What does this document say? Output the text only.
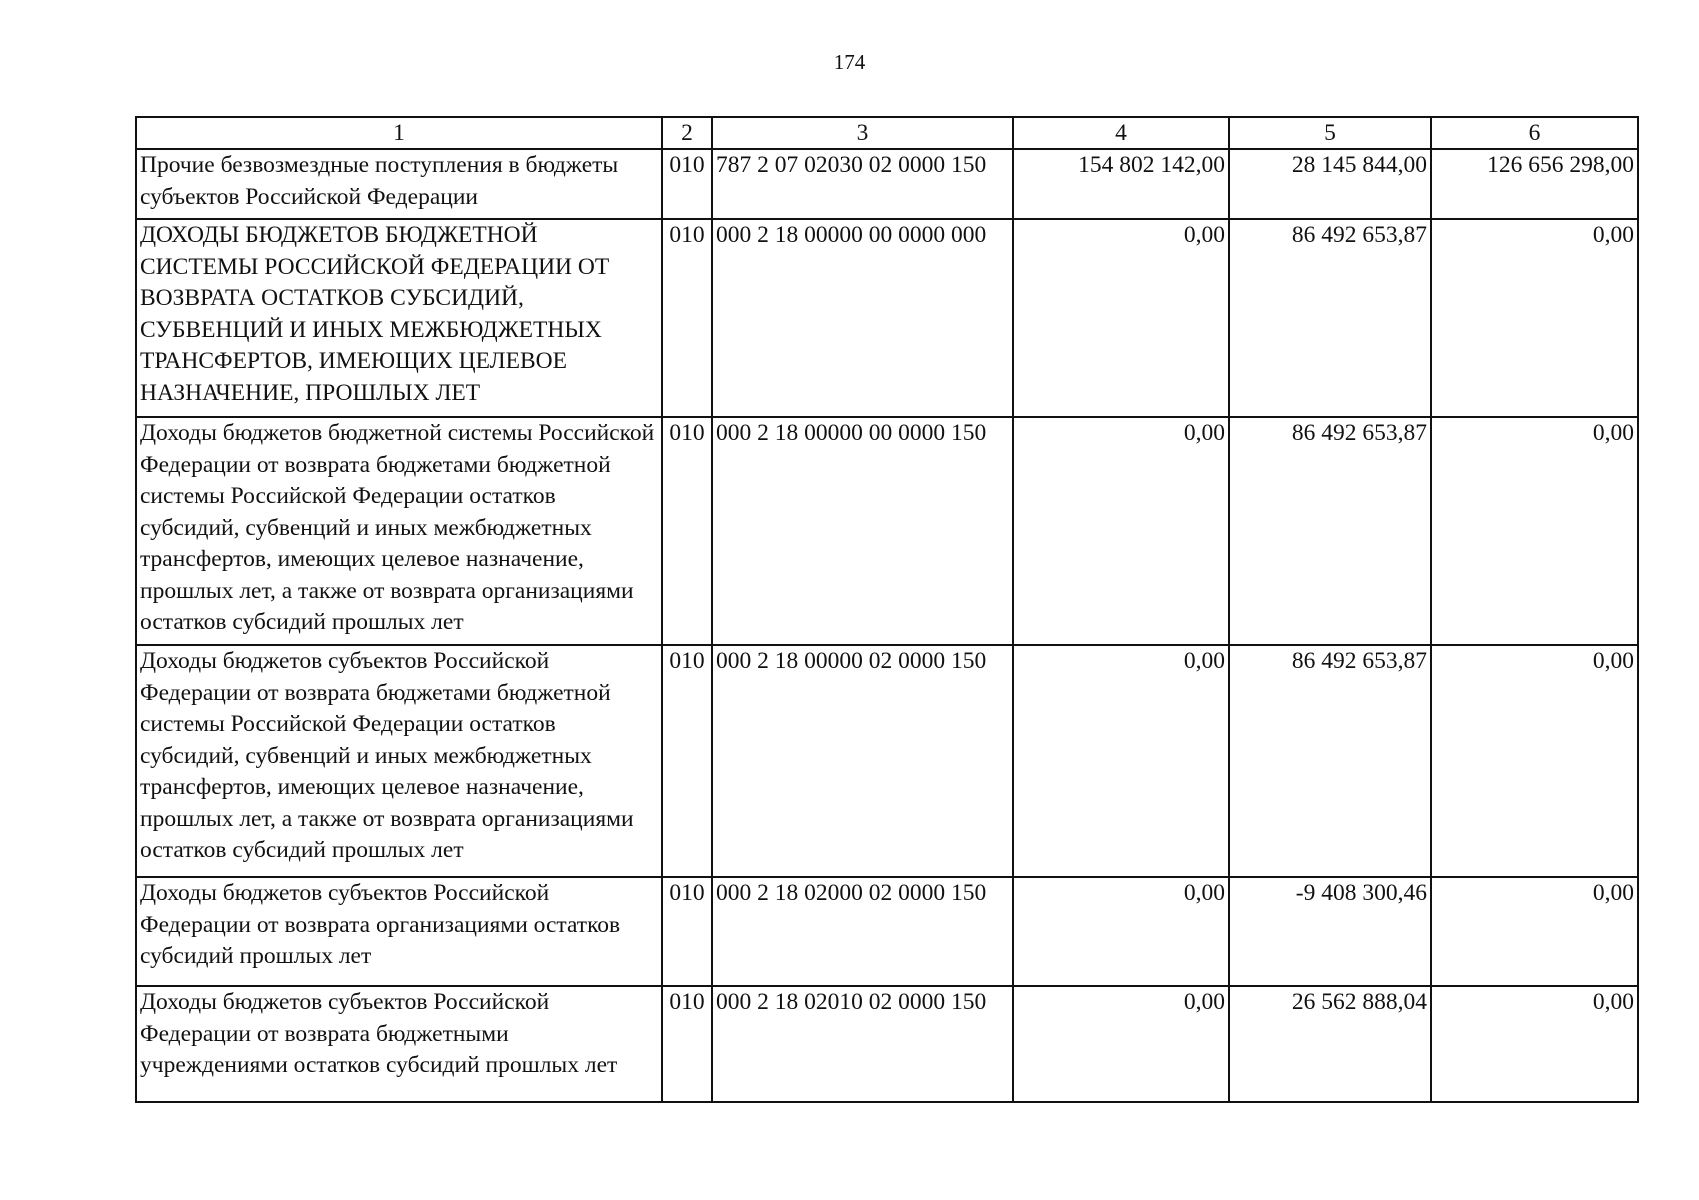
174
1	2	3	4	5	6
Прочие безвозмездные поступления в бюджеты субъектов Российской Федерации	010	787 2 07 02030 02 0000 150	154 802 142,00	28 145 844,00	126 656 298,00
ДОХОДЫ БЮДЖЕТОВ БЮДЖЕТНОЙ СИСТЕМЫ РОССИЙСКОЙ ФЕДЕРАЦИИ ОТ ВОЗВРАТА ОСТАТКОВ СУБСИДИЙ, СУБВЕНЦИЙ И ИНЫХ МЕЖБЮДЖЕТНЫХ ТРАНСФЕРТОВ, ИМЕЮЩИХ ЦЕЛЕВОЕ НАЗНАЧЕНИЕ, ПРОШЛЫХ ЛЕТ	010	000 2 18 00000 00 0000 000	0,00	86 492 653,87	0,00
Доходы бюджетов бюджетной системы Российской Федерации от возврата бюджетами бюджетной системы Российской Федерации остатков субсидий, субвенций и иных межбюджетных трансфертов, имеющих целевое назначение, прошлых лет, а также от возврата организациями остатков субсидий прошлых лет	010	000 2 18 00000 00 0000 150	0,00	86 492 653,87	0,00
Доходы бюджетов субъектов Российской Федерации от возврата бюджетами бюджетной системы Российской Федерации остатков субсидий, субвенций и иных межбюджетных трансфертов, имеющих целевое назначение, прошлых лет, а также от возврата организациями остатков субсидий прошлых лет	010	000 2 18 00000 02 0000 150	0,00	86 492 653,87	0,00
Доходы бюджетов субъектов Российской Федерации от возврата организациями остатков субсидий прошлых лет	010	000 2 18 02000 02 0000 150	0,00	-9 408 300,46	0,00
Доходы бюджетов субъектов Российской Федерации от возврата бюджетными учреждениями остатков субсидий прошлых лет	010	000 2 18 02010 02 0000 150	0,00	26 562 888,04	0,00
